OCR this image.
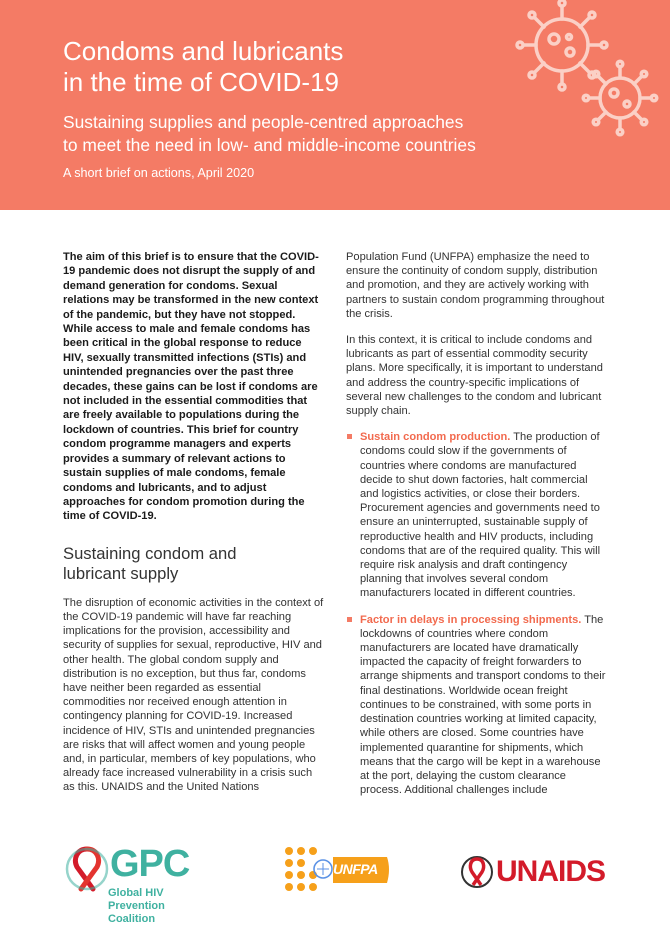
Condoms and lubricants
in the time of COVID-19
Sustaining supplies and people-centred approaches
to meet the need in low- and middle-income countries
A short brief on actions, April 2020

The aim of this brief is to ensure that the COVID-19 pandemic does not disrupt the supply of and demand generation for condoms. Sexual relations may be transformed in the new context of the pandemic, but they have not stopped. While access to male and female condoms has been critical in the global response to reduce HIV, sexually transmitted infections (STIs) and unintended pregnancies over the past three decades, these gains can be lost if condoms are not included in the essential commodities that are freely available to populations during the lockdown of countries. This brief for country condom programme managers and experts provides a summary of relevant actions to sustain supplies of male condoms, female condoms and lubricants, and to adjust approaches for condom promotion during the time of COVID-19.

Sustaining condom and
lubricant supply

The disruption of economic activities in the context of the COVID-19 pandemic will have far reaching implications for the provision, accessibility and security of supplies for sexual, reproductive, HIV and other health. The global condom supply and distribution is no exception, but thus far, condoms have neither been regarded as essential commodities nor received enough attention in contingency planning for COVID-19. Increased incidence of HIV, STIs and unintended pregnancies are risks that will affect women and young people and, in particular, members of key populations, who already face increased vulnerability in a crisis such as this. UNAIDS and the United Nations

Population Fund (UNFPA) emphasize the need to ensure the continuity of condom supply, distribution and promotion, and they are actively working with partners to sustain condom programming throughout the crisis.

In this context, it is critical to include condoms and lubricants as part of essential commodity security plans. More specifically, it is important to understand and address the country-specific implications of several new challenges to the condom and lubricant supply chain.

Sustain condom production. The production of condoms could slow if the governments of countries where condoms are manufactured decide to shut down factories, halt commercial and logistics activities, or close their borders. Procurement agencies and governments need to ensure an uninterrupted, sustainable supply of reproductive health and HIV products, including condoms that are of the required quality. This will require risk analysis and draft contingency planning that involves several condom manufacturers located in different countries.
Factor in delays in processing shipments. The lockdowns of countries where condom manufacturers are located have dramatically impacted the capacity of freight forwarders to arrange shipments and transport condoms to their final destinations. Worldwide ocean freight continues to be constrained, with some ports in destination countries working at limited capacity, while others are closed. Some countries have implemented quarantine for shipments, which means that the cargo will be kept in a warehouse at the port, delaying the custom clearance process. Additional challenges include
GPC
Global HIV
Prevention Coalition
UNFPA	UNAIDS
